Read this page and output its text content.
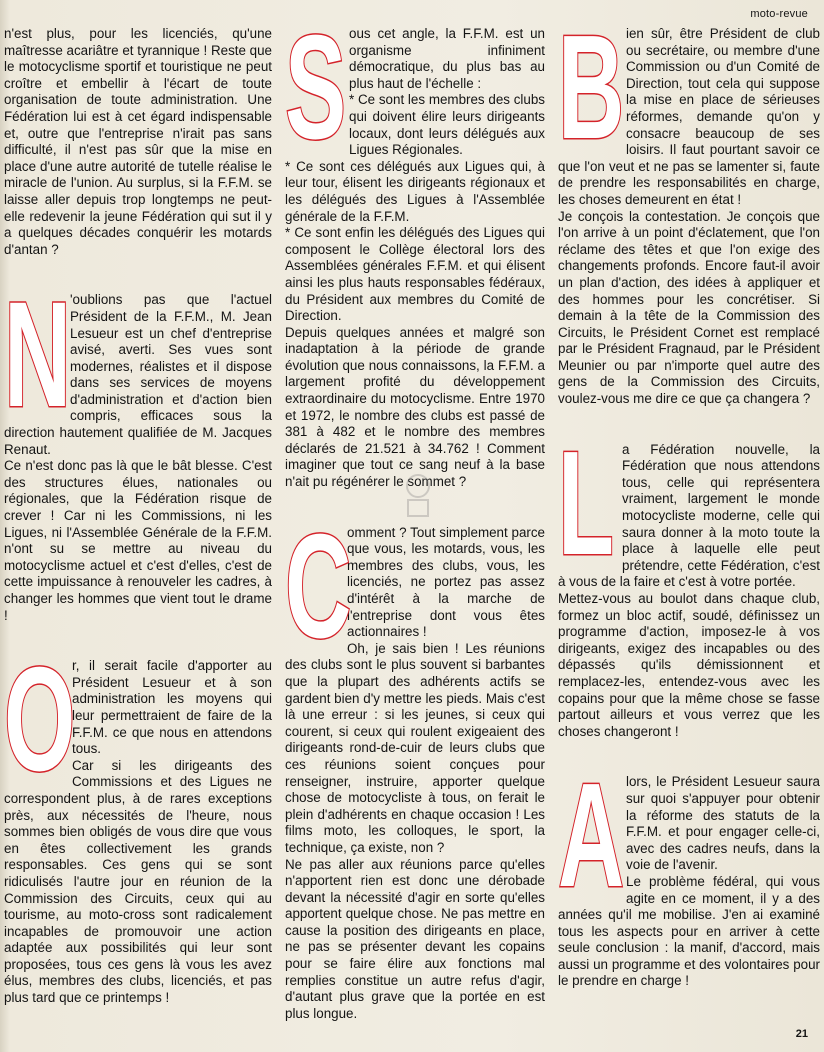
moto-revue

n'est plus, pour les licenciés, qu'une maîtresse acariâtre et tyrannique ! Reste que le motocyclisme sportif et touristique ne peut croître et embellir à l'écart de toute organisation de toute administration. Une Fédération lui est à cet égard indispensable et, outre que l'entreprise n'irait pas sans difficulté, il n'est pas sûr que la mise en place d'une autre autorité de tutelle réalise le miracle de l'union. Au surplus, si la F.F.M. se laisse aller depuis trop longtemps ne peut-elle redevenir la jeune Fédération qui sut il y a quelques décades conquérir les motards d'antan ?

N 'oublions pas que l'actuel Président de la F.F.M., M. Jean Lesueur est un chef d'entreprise avisé, averti. Ses vues sont modernes, réalistes et il dispose dans ses services de moyens d'administration et d'action bien compris, efficaces sous la direction hautement qualifiée de M. Jacques Renaut.

Ce n'est donc pas là que le bât blesse. C'est des structures élues, nationales ou régionales, que la Fédération risque de crever ! Car ni les Commissions, ni les Ligues, ni l'Assemblée Générale de la F.F.M. n'ont su se mettre au niveau du motocyclisme actuel et c'est d'elles, c'est de cette impuissance à renouveler les cadres, à changer les hommes que vient tout le drame !

Or, il serait facile d'apporter au Président Lesueur et à son administration les moyens qui leur permettraient de faire de la F.F.M. ce que nous en attendons tous.

Car si les dirigeants des Commissions et des Ligues ne correspondent plus, à de rares exceptions près, aux nécessités de l'heure, nous sommes bien obligés de vous dire que vous en êtes collectivement les grands responsables. Ces gens qui se sont ridiculisés l'autre jour en réunion de la Commission des Circuits, ceux qui au tourisme, au moto-cross sont radicalement incapables de promouvoir une action adaptée aux possibilités qui leur sont proposées, tous ces gens là vous les avez élus, membres des clubs, licenciés, et pas plus tard que ce printemps !

Sous cet angle, la F.F.M. est un organisme infiniment démocratique, du plus bas au plus haut de l'échelle :

* Ce sont les membres des clubs qui doivent élire leurs dirigeants locaux, dont leurs délégués aux Ligues Régionales.

* Ce sont ces délégués aux Ligues qui, à leur tour, élisent les dirigeants régionaux et les délégués des Ligues à l'Assemblée générale de la F.F.M.

* Ce sont enfin les délégués des Ligues qui composent le Collège électoral lors des Assemblées générales F.F.M. et qui élisent ainsi les plus hauts responsables fédéraux, du Président aux membres du Comité de Direction.

Depuis quelques années et malgré son inadaptation à la période de grande évolution que nous connaissons, la F.F.M. a largement profité du développement extraordinaire du motocyclisme. Entre 1970 et 1972, le nombre des clubs est passé de 381 à 482 et le nombre des membres déclarés de 21.521 à 34.762 ! Comment imaginer que tout ce sang neuf à la base n'ait pu régénérer le sommet ?

C
omment ? Tout simplement parce que vous, les motards, vous, les membres des clubs, vous, les licenciés, ne portez pas assez d'intérêt à la marche de l'entreprise dont vous êtes actionnaires !

Oh, je sais bien ! Les réunions des clubs sont le plus souvent si barbantes que la plupart des adhérents actifs se gardent bien d'y mettre les pieds. Mais c'est là une erreur : si les jeunes, si ceux qui courent, si ceux qui roulent exigeaient des dirigeants rond-de-cuir de leurs clubs que ces réunions soient conçues pour renseigner, instruire, apporter quelque chose de motocycliste à tous, on ferait le plein d'adhérents en chaque occasion ! Les films moto, les colloques, le sport, la technique, ça existe, non ?

Ne pas aller aux réunions parce qu'elles n'apportent rien est donc une dérobade devant la nécessité d'agir en sorte qu'elles apportent quelque chose. Ne pas mettre en cause la position des dirigeants en place, ne pas se présenter devant les copains pour se faire élire aux fonctions mal remplies constitue un autre refus d'agir, d'autant plus grave que la portée en est plus longue.

Bien sûr, être Président de club ou secrétaire, ou membre d'une Commission ou d'un Comité de Direction, tout cela qui suppose la mise en place de sérieuses réformes, demande qu'on y consacre beaucoup de ses loisirs. Il faut pourtant savoir ce que l'on veut et ne pas se lamenter si, faute de prendre les responsabilités en charge, les choses demeurent en état !

Je conçois la contestation. Je conçois que l'on arrive à un point d'éclatement, que l'on réclame des têtes et que l'on exige des changements profonds. Encore faut-il avoir un plan d'action, des idées à appliquer et des hommes pour les concrétiser. Si demain à la tête de la Commission des Circuits, le Président Cornet est remplacé par le Président Fragnaud, par le Président Meunier ou par n'importe quel autre des gens de la Commission des Circuits, voulez-vous me dire ce que ça changera ?

La Fédération nouvelle, la Fédération que nous attendons tous, celle qui représentera vraiment, largement le monde motocycliste moderne, celle qui saura donner à la moto toute la place à laquelle elle peut prétendre, cette Fédération, c'est à vous de la faire et c'est à votre portée.

Mettez-vous au boulot dans chaque club, formez un bloc actif, soudé, définissez un programme d'action, imposez-le à vos dirigeants, exigez des incapables ou des dépassés qu'ils démissionnent et remplacez-les, entendez-vous avec les copains pour que la même chose se fasse partout ailleurs et vous verrez que les choses changeront !

Alors, le Président Lesueur saura sur quoi s'appuyer pour obtenir la réforme des statuts de la F.F.M. et pour engager celle-ci, avec des cadres neufs, dans la voie de l'avenir.

Le problème fédéral, qui vous agite en ce moment, il y a des années qu'il me mobilise. J'en ai examiné tous les aspects pour en arriver à cette seule conclusion : la manif, d'accord, mais aussi un programme et des volontaires pour le prendre en charge !

21
